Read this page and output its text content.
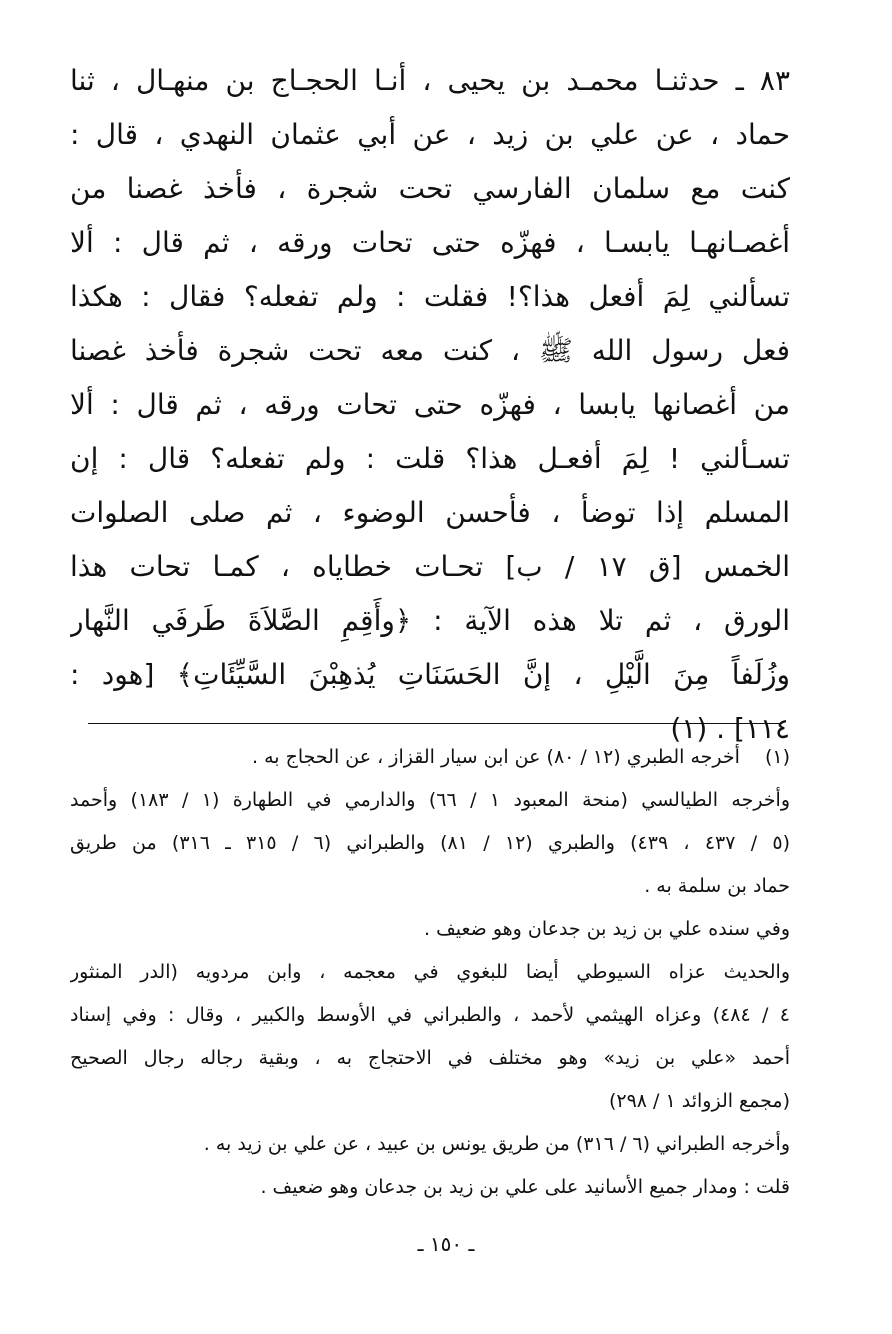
٨٣ ـ حدثنـا محمـد بن يحيى ، أنـا الحجـاج بن منهـال ، ثنا
حماد ، عن علي بن زيد ، عن أبي عثمان النهدي ، قال :
كنت مع سلمان الفارسي تحت شجرة ، فأخذ غصنا من
أغصـانهـا يابسـا ، فهزّه حتى تحات ورقه ، ثم قال : ألا
تسألني لِمَ أفعل هذا؟! فقلت : ولم تفعله؟ فقال : هكذا
فعل رسول الله ﷺ ، كنت معه تحت شجرة فأخذ غصنا
من أغصانها يابسا ، فهزّه حتى تحات ورقه ، ثم قال : ألا
تسـألني ! لِمَ أفعـل هذا؟ قلت : ولم تفعله؟ قال : إن
المسلم إذا توضأ ، فأحسن الوضوء ، ثم صلى الصلوات
الخمس [ق ١٧ / ب] تحـات خطاياه ، كمـا تحات هذا
الورق ، ثم تلا هذه الآية : ﴿وأَقِمِ الصَّلاَةَ طَرفَي النَّهار
وزُلَفاً مِنَ الَّيْلِ ، إنَّ الحَسَنَاتِ يُذهِبْنَ السَّيِّئَاتِ﴾ [هود :
١١٤] . (١)
(١) أخرجه الطبري (١٢ / ٨٠) عن ابن سيار القزاز ، عن الحجاج به .
وأخرجه الطيالسي (منحة المعبود ١ / ٦٦) والدارمي في الطهارة (١ / ١٨٣) وأحمد
(٥ / ٤٣٧ ، ٤٣٩) والطبري (١٢ / ٨١) والطبراني (٦ / ٣١٥ ـ ٣١٦) من طريق
حماد بن سلمة به .
وفي سنده علي بن زيد بن جدعان وهو ضعيف .
والحديث عزاه السيوطي أيضا للبغوي في معجمه ، وابن مردويه (الدر المنثور
٤ / ٤٨٤) وعزاه الهيثمي لأحمد ، والطبراني في الأوسط والكبير ، وقال : وفي إسناد
أحمد «علي بن زيد» وهو مختلف في الاحتجاج به ، وبقية رجاله رجال الصحيح
(مجمع الزوائد ١ / ٢٩٨)
وأخرجه الطبراني (٦ / ٣١٦) من طريق يونس بن عبيد ، عن علي بن زيد به .
قلت : ومدار جميع الأسانيد على علي بن زيد بن جدعان وهو ضعيف .
ـ ١٥٠ ـ
